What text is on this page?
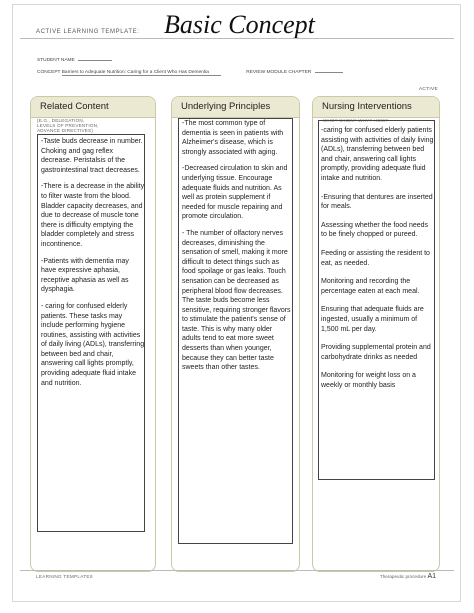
ACTIVE LEARNING TEMPLATE: Basic Concept
STUDENT NAME
CONCEPT Barriers to Adequate Nutrition: Caring for a Client Who Has Dementia	REVIEW MODULE CHAPTER
ACTIVE
Related Content
(E.G., DELEGATION,
LEVELS OF PREVENTION,
ADVANCE DIRECTIVES)

-Taste buds decrease in number. Choking and gag reflex decrease. Peristalsis of the gastrointestinal tract decreases.

-There is a decrease in the ability to filter waste from the blood. Bladder capacity decreases, and due to decrease of muscle tone there is difficulty emptying the bladder completely and stress incontinence.

-Patients with dementia may have expressive aphasia, receptive aphasia as well as dysphagia.

- caring for confused elderly patients. These tasks may include performing hygiene routines, assisting with activities of daily living (ADLs), transferring between bed and chair, answering call lights promptly, providing adequate fluid intake and nutrition.

Underlying Principles

-The most common type of dementia is seen in patients with Alzheimer's disease, which is strongly associated with aging.

-Decreased circulation to skin and underlying tissue. Encourage adequate fluids and nutrition. As well as protein supplement if needed for muscle repairing and promote circulation.

- The number of olfactory nerves decreases, diminishing the sensation of smell, making it more difficult to detect things such as food spoilage or gas leaks. Touch sensation can be decreased as peripheral blood flow decreases. The taste buds become less sensitive, requiring stronger flavors to stimulate the patient's sense of taste. This is why many older adults tend to eat more sweet desserts than when younger, because they can better taste sweets than other tastes.

Nursing Interventions
WHO? WHEN? WHY? HOW?

-caring for confused elderly patients assisting with activities of daily living (ADLs), transferring between bed and chair, answering call lights promptly, providing adequate fluid intake and nutrition.

-Ensuring that dentures are inserted for meals.

Assessing whether the food needs to be finely chopped or pureed.

Feeding or assisting the resident to eat, as needed.

Monitoring and recording the percentage eaten at each meal.

Ensuring that adequate fluids are ingested, usually a minimum of 1,500 mL per day.

Providing supplemental protein and carbohydrate drinks as needed

Monitoring for weight loss on a weekly or monthly basis

LEARNING TEMPLATES	Therapeutic procedure A1
